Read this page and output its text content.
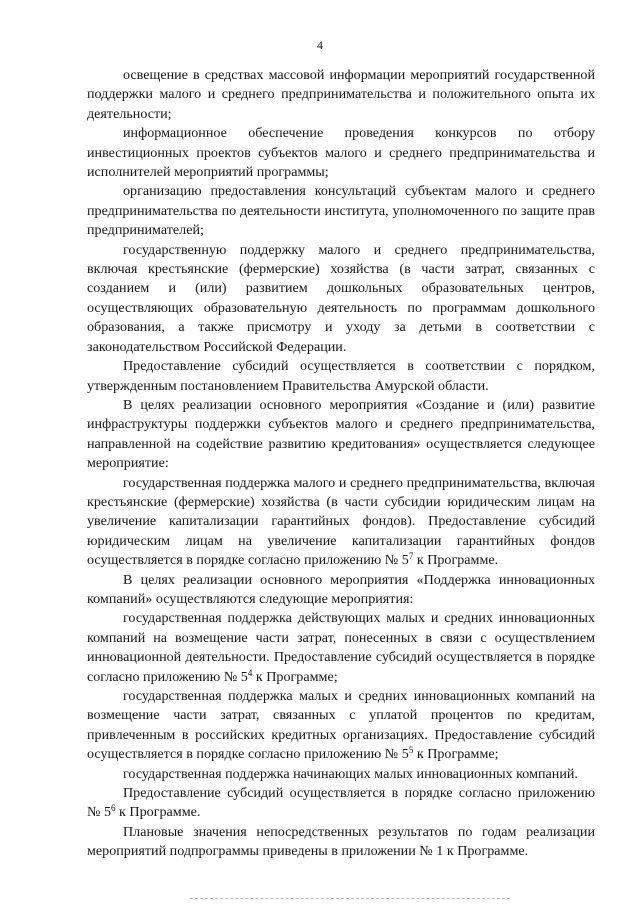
4

освещение в средствах массовой информации мероприятий государственной поддержки малого и среднего предпринимательства и положительного опыта их деятельности;

информационное обеспечение проведения конкурсов по отбору инвестиционных проектов субъектов малого и среднего предпринимательства и исполнителей мероприятий программы;

организацию предоставления консультаций субъектам малого и среднего предпринимательства по деятельности института, уполномоченного по защите прав предпринимателей;

государственную поддержку малого и среднего предпринимательства, включая крестьянские (фермерские) хозяйства (в части затрат, связанных с созданием и (или) развитием дошкольных образовательных центров, осуществляющих образовательную деятельность по программам дошкольного образования, а также присмотру и уходу за детьми в соответствии с законодательством Российской Федерации.

Предоставление субсидий осуществляется в соответствии с порядком, утвержденным постановлением Правительства Амурской области.

В целях реализации основного мероприятия «Создание и (или) развитие инфраструктуры поддержки субъектов малого и среднего предпринимательства, направленной на содействие развитию кредитования» осуществляется следующее мероприятие:

государственная поддержка малого и среднего предпринимательства, включая крестьянские (фермерские) хозяйства (в части субсидии юридическим лицам на увеличение капитализации гарантийных фондов). Предоставление субсидий юридическим лицам на увеличение капитализации гарантийных фондов осуществляется в порядке согласно приложению № $5^7$ к Программе.

В целях реализации основного мероприятия «Поддержка инновационных компаний» осуществляются следующие мероприятия:

государственная поддержка действующих малых и средних инновационных компаний на возмещение части затрат, понесенных в связи с осуществлением инновационной деятельности. Предоставление субсидий осуществляется в порядке согласно приложению № $5^4$ к Программе;

государственная поддержка малых и средних инновационных компаний на возмещение части затрат, связанных с уплатой процентов по кредитам, привлеченным в российских кредитных организациях. Предоставление субсидий осуществляется в порядке согласно приложению № $5^5$ к Программе;

государственная поддержка начинающих малых инновационных компаний.

Предоставление субсидий осуществляется в порядке согласно приложению № $5^6$ к Программе.

Плановые значения непосредственных результатов по годам реализации мероприятий подпрограммы приведены в приложении № 1 к Программе.
